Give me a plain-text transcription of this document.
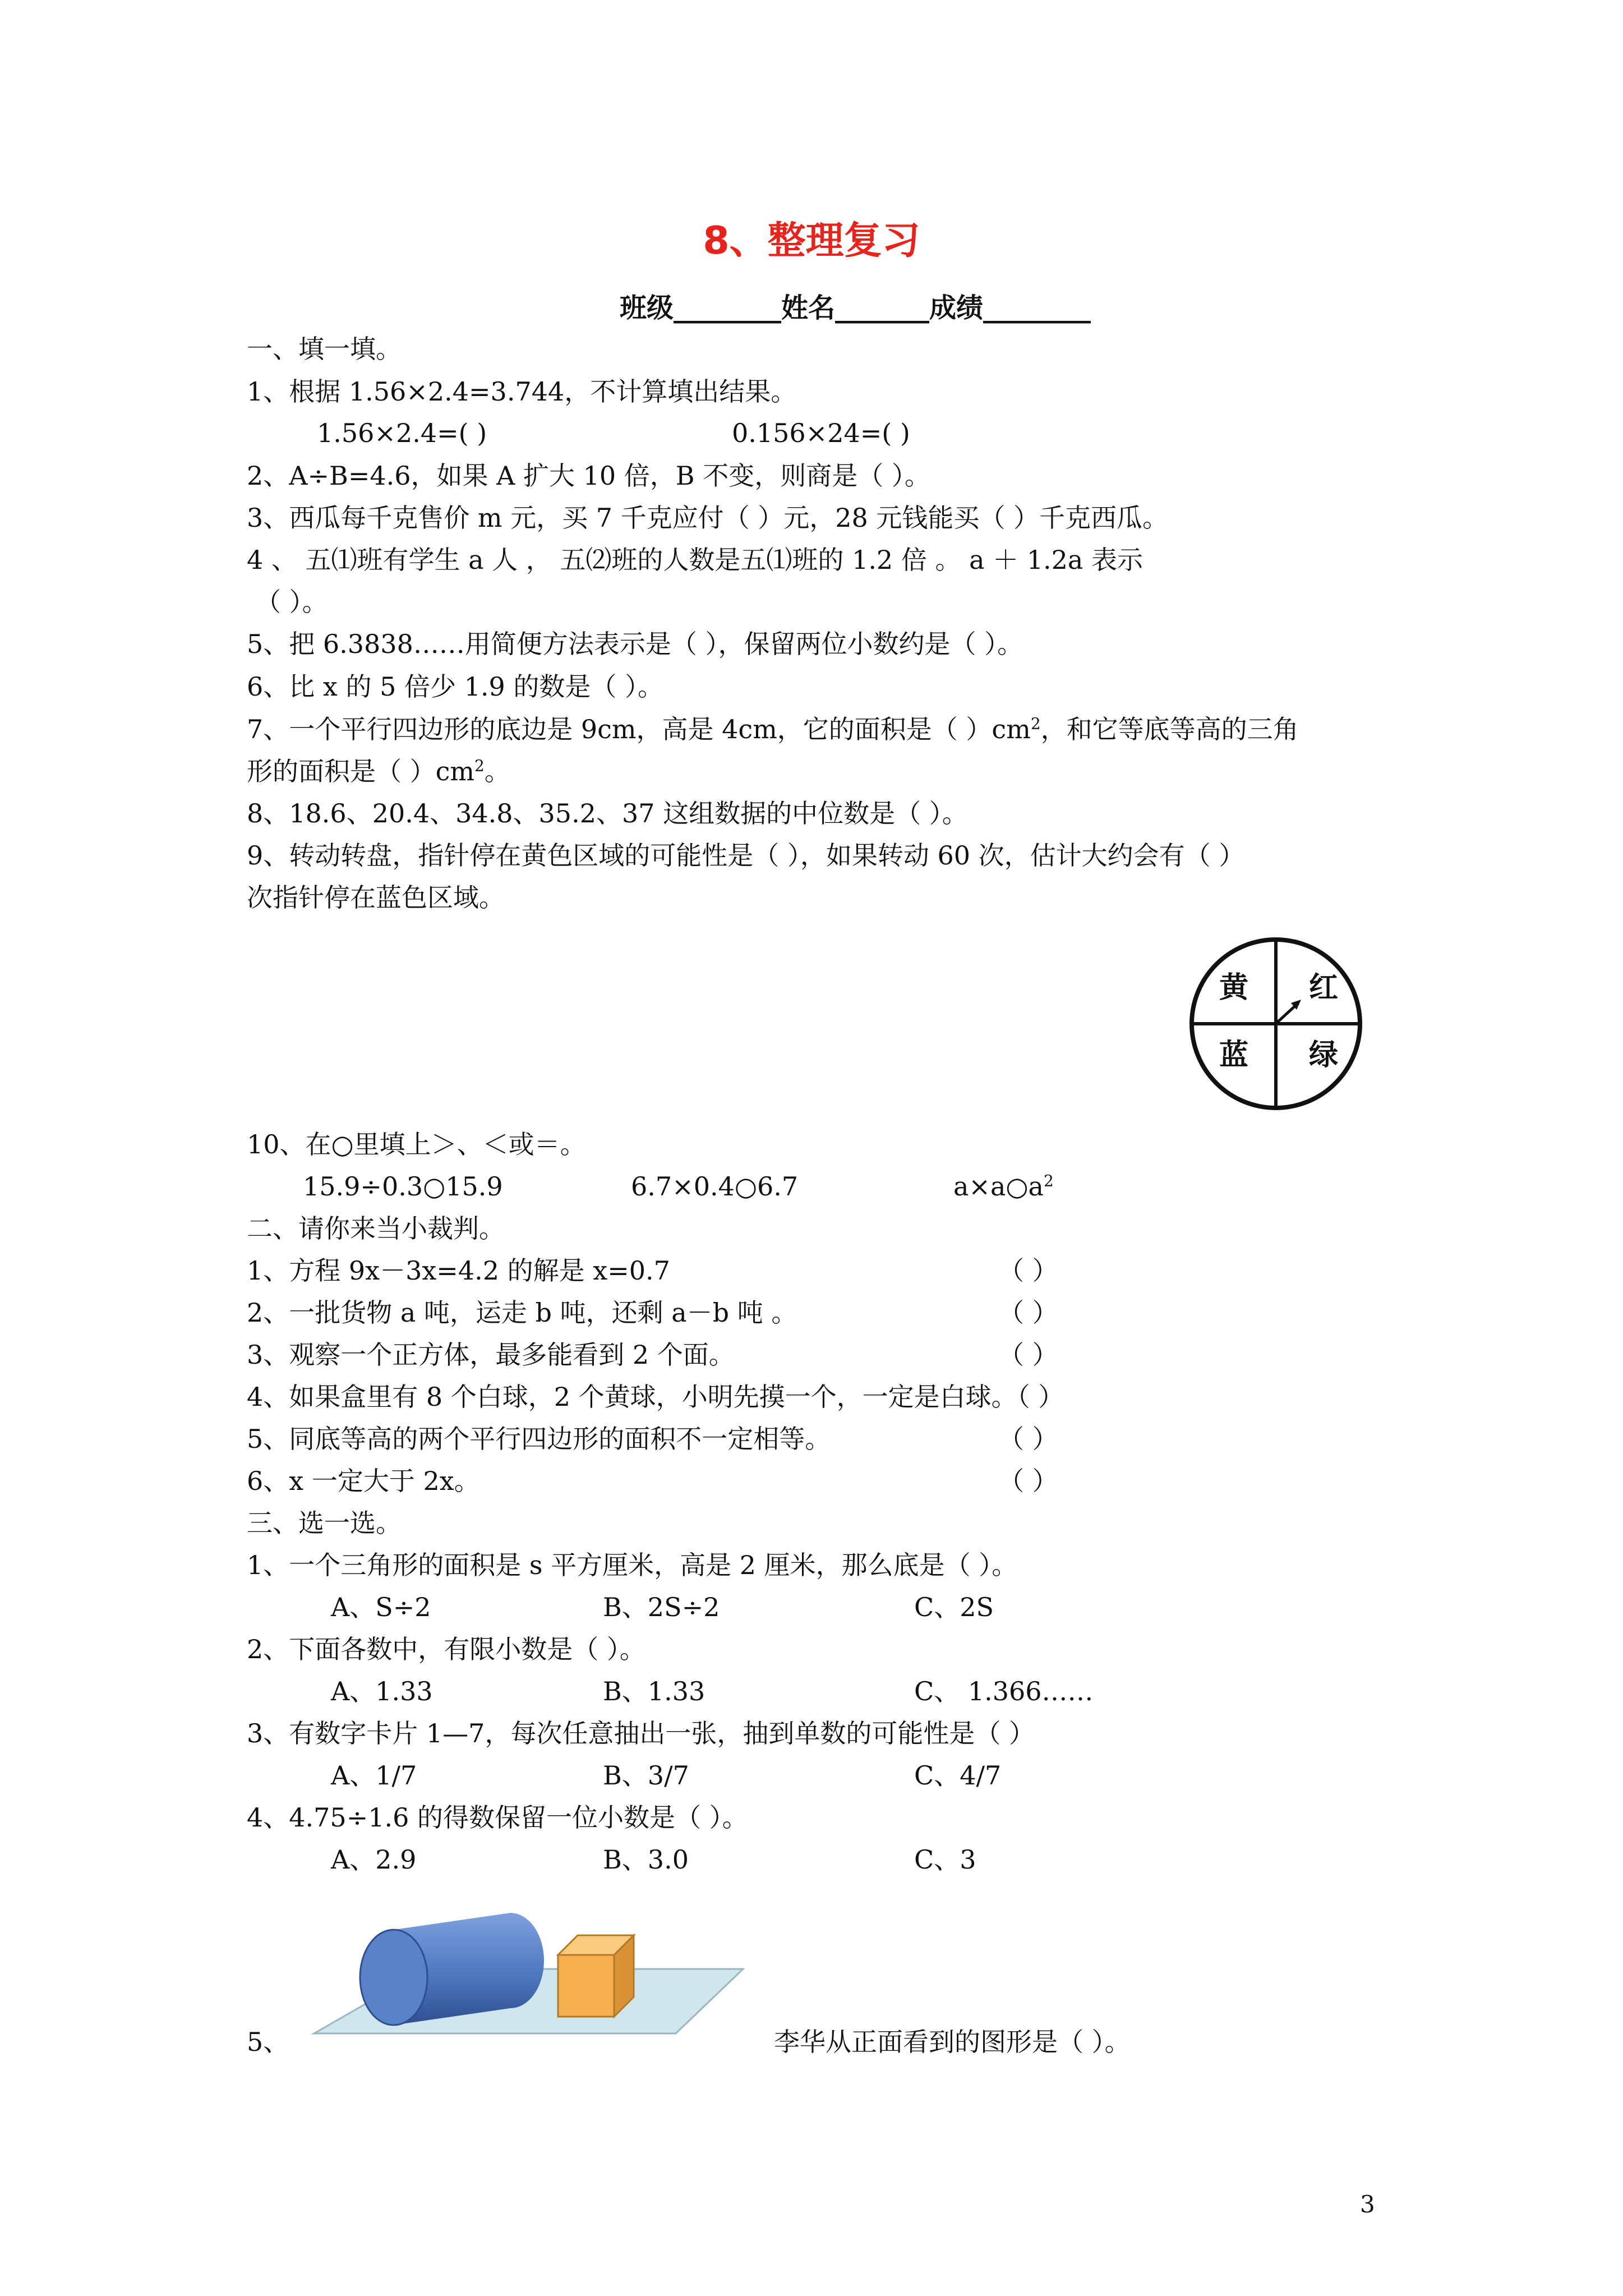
8、整理复习
班级________姓名_______成绩________
一、填一填。
1、根据 1.56×2.4=3.744，不计算填出结果。
1.56×2.4=( )	0.156×24=( )
2、A÷B=4.6，如果 A 扩大 10 倍，B 不变，则商是（ ）。
3、西瓜每千克售价 m 元，买 7 千克应付（ ）元，28 元钱能买（ ）千克西瓜。
4 、 五⑴班有学生 a 人 ， 五⑵班的人数是五⑴班的 1.2 倍 。 a ＋ 1.2a 表示
（ ）。
5、把 6.3838……用简便方法表示是（ ），保留两位小数约是（ ）。
6、比 x 的 5 倍少 1.9 的数是（ ）。
7、一个平行四边形的底边是 9cm，高是 4cm，它的面积是（ ）$cm^2$，和它等底等高的三角
形的面积是（ ）$cm^2$。
8、18.6、20.4、34.8、35.2、37 这组数据的中位数是（ ）。
9、转动转盘，指针停在黄色区域的可能性是（ ），如果转动 60 次，估计大约会有（ ）
次指针停在蓝色区域。
黄 红
蓝 绿
10、在○里填上＞、＜或＝。
15.9÷0.3○15.9	6.7×0.4○6.7	$a\times a○a^2$
二、请你来当小裁判。
1、方程 9x－3x=4.2 的解是 x=0.7	（ ）
2、一批货物 a 吨，运走 b 吨，还剩 a－b 吨 。	（ ）
3、观察一个正方体，最多能看到 2 个面。	（ ）
4、如果盒里有 8 个白球，2 个黄球，小明先摸一个，一定是白球。（ ）
5、同底等高的两个平行四边形的面积不一定相等。	（ ）
6、x 一定大于 2x。	（ ）
三、选一选。
1、一个三角形的面积是 s 平方厘米，高是 2 厘米，那么底是（ ）。
A、S÷2	B、2S÷2	C、2S
2、下面各数中，有限小数是（ ）。
A、1.33	B、1.33	C、 1.366……
3、有数字卡片 1—7，每次任意抽出一张，抽到单数的可能性是（ ）
A、1/7	B、3/7	C、4/7
4、4.75÷1.6 的得数保留一位小数是（ ）。
A、2.9	B、3.0	C、3
5、	李华从正面看到的图形是（ ）。
3
